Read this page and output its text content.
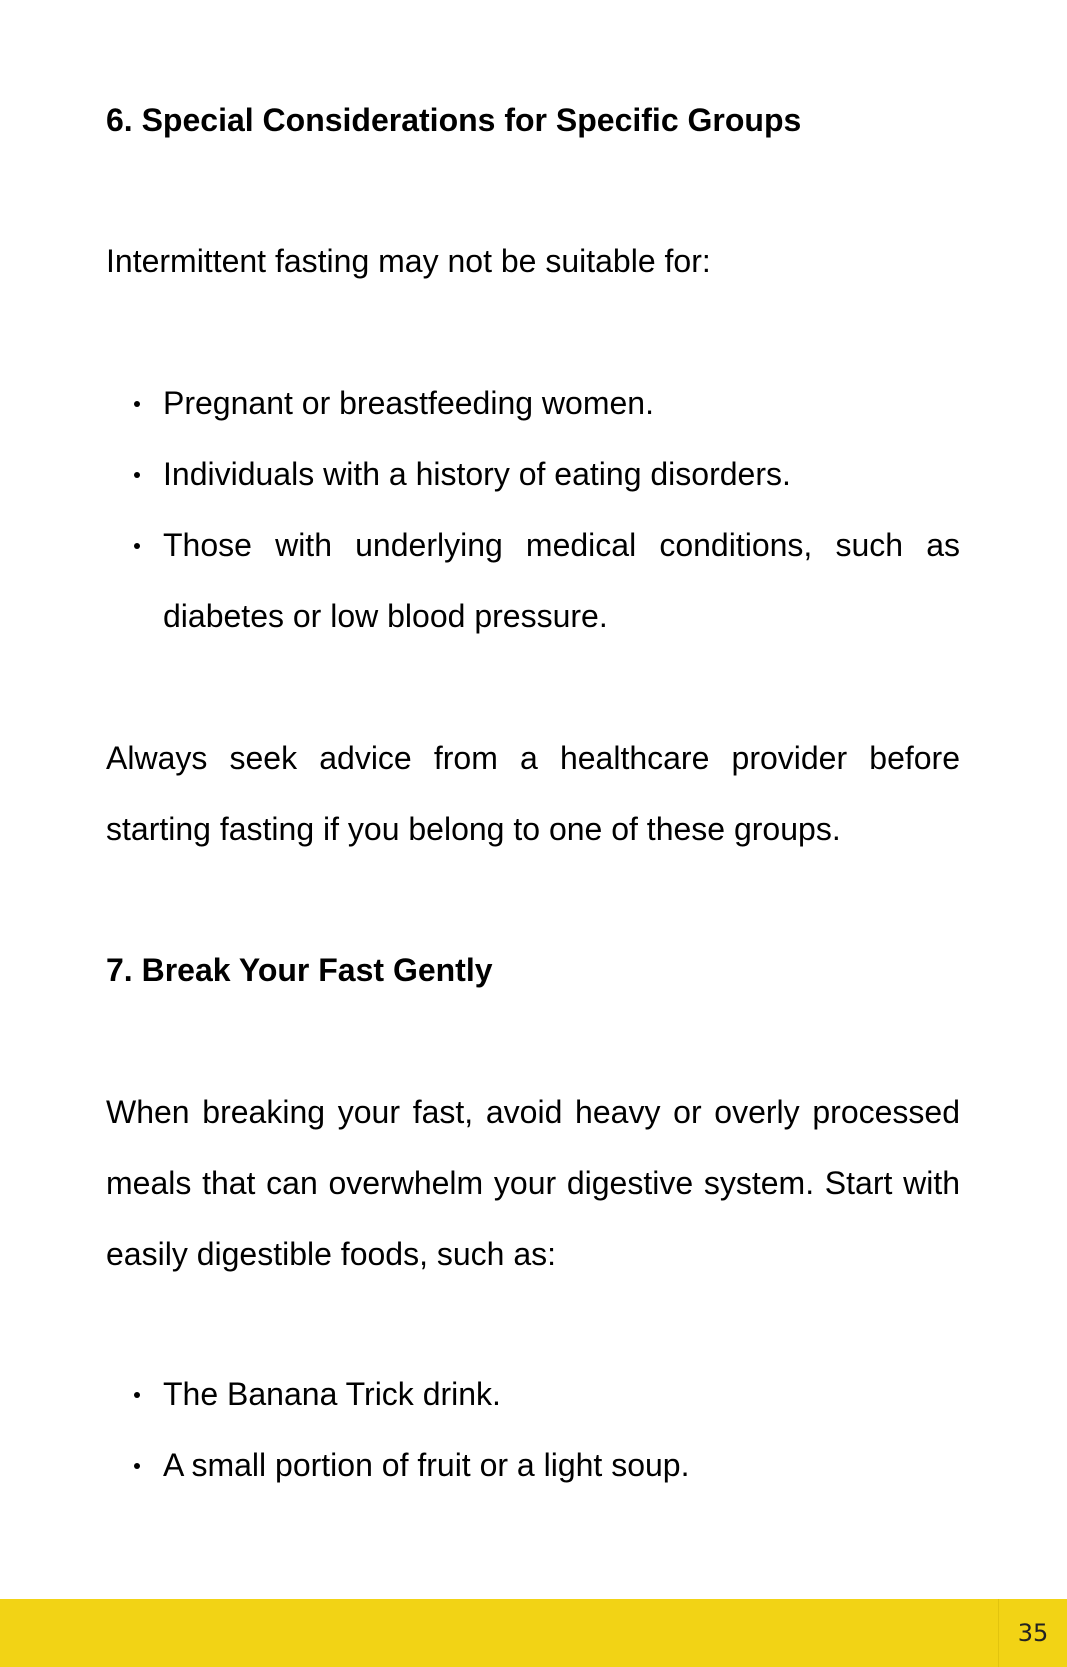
6. Special Considerations for Specific Groups

Intermittent fasting may not be suitable for:

Pregnant or breastfeeding women.
Individuals with a history of eating disorders.
Those with underlying medical conditions, such as diabetes or low blood pressure.

Always seek advice from a healthcare provider before starting fasting if you belong to one of these groups.

7. Break Your Fast Gently

When breaking your fast, avoid heavy or overly processed meals that can overwhelm your digestive system. Start with easily digestible foods, such as:

The Banana Trick drink.
A small portion of fruit or a light soup.
35
